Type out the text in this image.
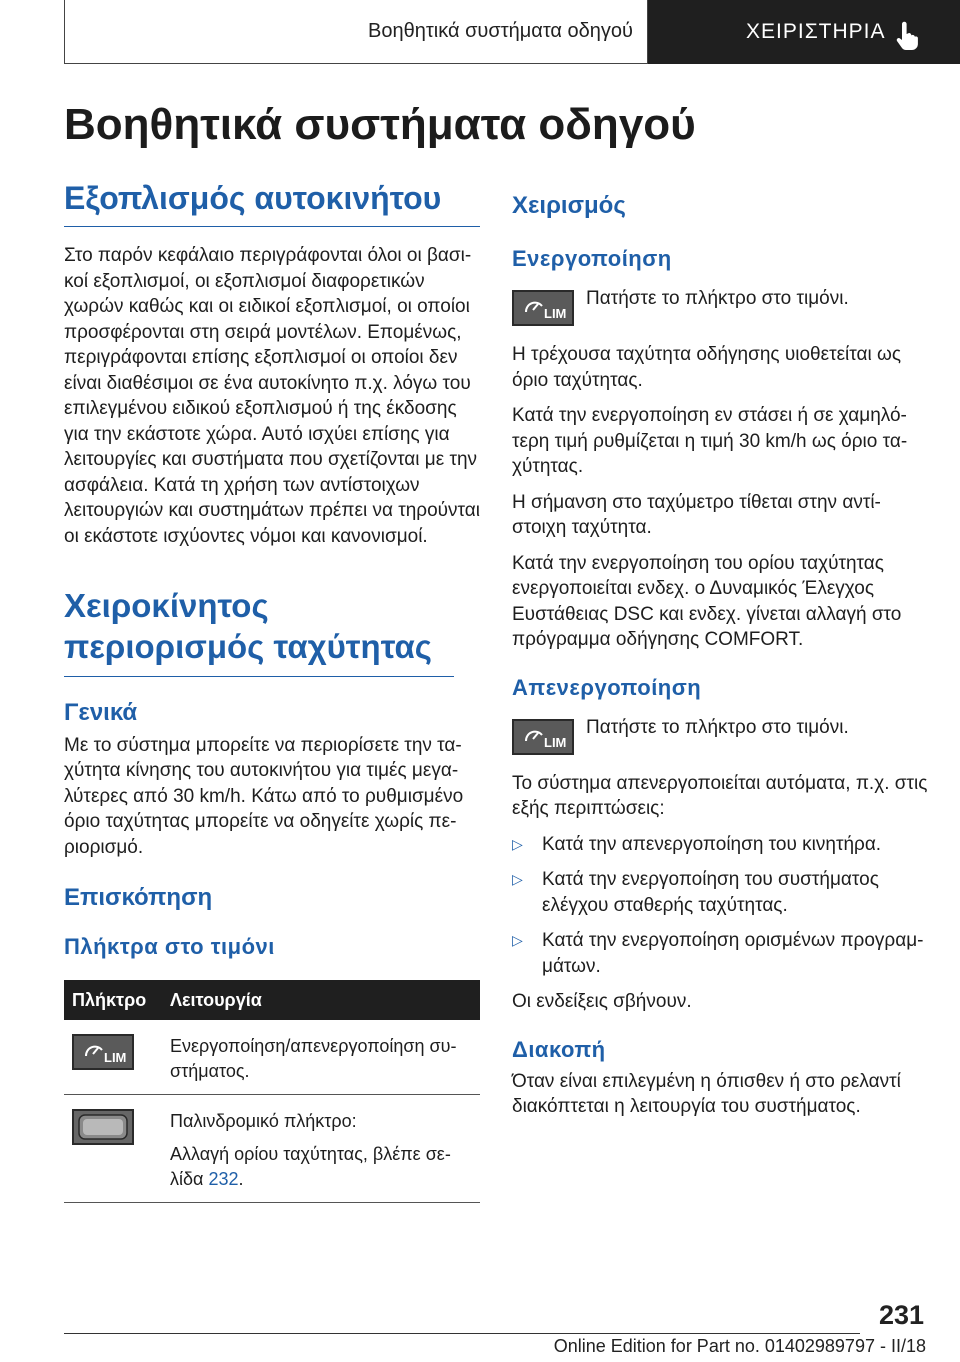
Βοηθητικά συστήματα οδηγού	ΧΕΙΡΙΣΤΗΡΙΑ
Βοηθητικά συστήματα οδηγού
Εξοπλισμός αυτοκινήτου

Στο παρόν κεφάλαιο περιγράφονται όλοι οι βασικοί εξοπλισμοί, οι εξοπλισμοί διαφορετικών χωρών καθώς και οι ειδικοί εξοπλισμοί, οι οποίοι προσφέρονται στη σειρά μοντέλων. Επομένως, περιγράφονται επίσης εξοπλισμοί οι οποίοι δεν είναι διαθέσιμοι σε ένα αυτοκίνητο π.χ. λόγω του επιλεγμένου ειδικού εξοπλισμού ή της έκδοσης για την εκάστοτε χώρα. Αυτό ισχύει επίσης για λειτουργίες και συστήματα που σχετίζονται με την ασφάλεια. Κατά τη χρήση των αντίστοιχων λειτουργιών και συστημάτων πρέπει να τηρούνται οι εκάστοτε ισχύοντες νόμοι και κανονισμοί.

Χειροκίνητος περιορισμός ταχύτητας
Γενικά

Με το σύστημα μπορείτε να περιορίσετε την ταχύτητα κίνησης του αυτοκινήτου για τιμές μεγαλύτερες από 30 km/h. Κάτω από το ρυθμισμένο όριο ταχύτητας μπορείτε να οδηγείτε χωρίς περιορισμό.

Επισκόπηση
Πλήκτρα στο τιμόνι
Πλήκτρο	Λειτουργία

LIM	Ενεργοποίηση/απενεργοποίηση συστήματος.

Παλινδρομικό πλήκτρο:
Αλλαγή ορίου ταχύτητας, βλέπε σελίδα 232.
Χειρισμός
Ενεργοποίηση
LIM

Πατήστε το πλήκτρο στο τιμόνι.

Η τρέχουσα ταχύτητα οδήγησης υιοθετείται ως όριο ταχύτητας.

Κατά την ενεργοποίηση εν στάσει ή σε χαμηλότερη τιμή ρυθμίζεται η τιμή 30 km/h ως όριο ταχύτητας.

Η σήμανση στο ταχύμετρο τίθεται στην αντίστοιχη ταχύτητα.

Κατά την ενεργοποίηση του ορίου ταχύτητας ενεργοποιείται ενδεχ. ο Δυναμικός Έλεγχος Ευστάθειας DSC και ενδεχ. γίνεται αλλαγή στο πρόγραμμα οδήγησης COMFORT.

Απενεργοποίηση
LIM

Πατήστε το πλήκτρο στο τιμόνι.

Το σύστημα απενεργοποιείται αυτόματα, π.χ. στις εξής περιπτώσεις:

▷ Κατά την απενεργοποίηση του κινητήρα.

▷ Κατά την ενεργοποίηση του συστήματος ελέγχου σταθερής ταχύτητας.

▷ Κατά την ενεργοποίηση ορισμένων προγραμμάτων.

Οι ενδείξεις σβήνουν.

Διακοπή

Όταν είναι επιλεγμένη η όπισθεν ή στο ρελαντί διακόπτεται η λειτουργία του συστήματος.

231
Online Edition for Part no. 01402989797 - II/18
